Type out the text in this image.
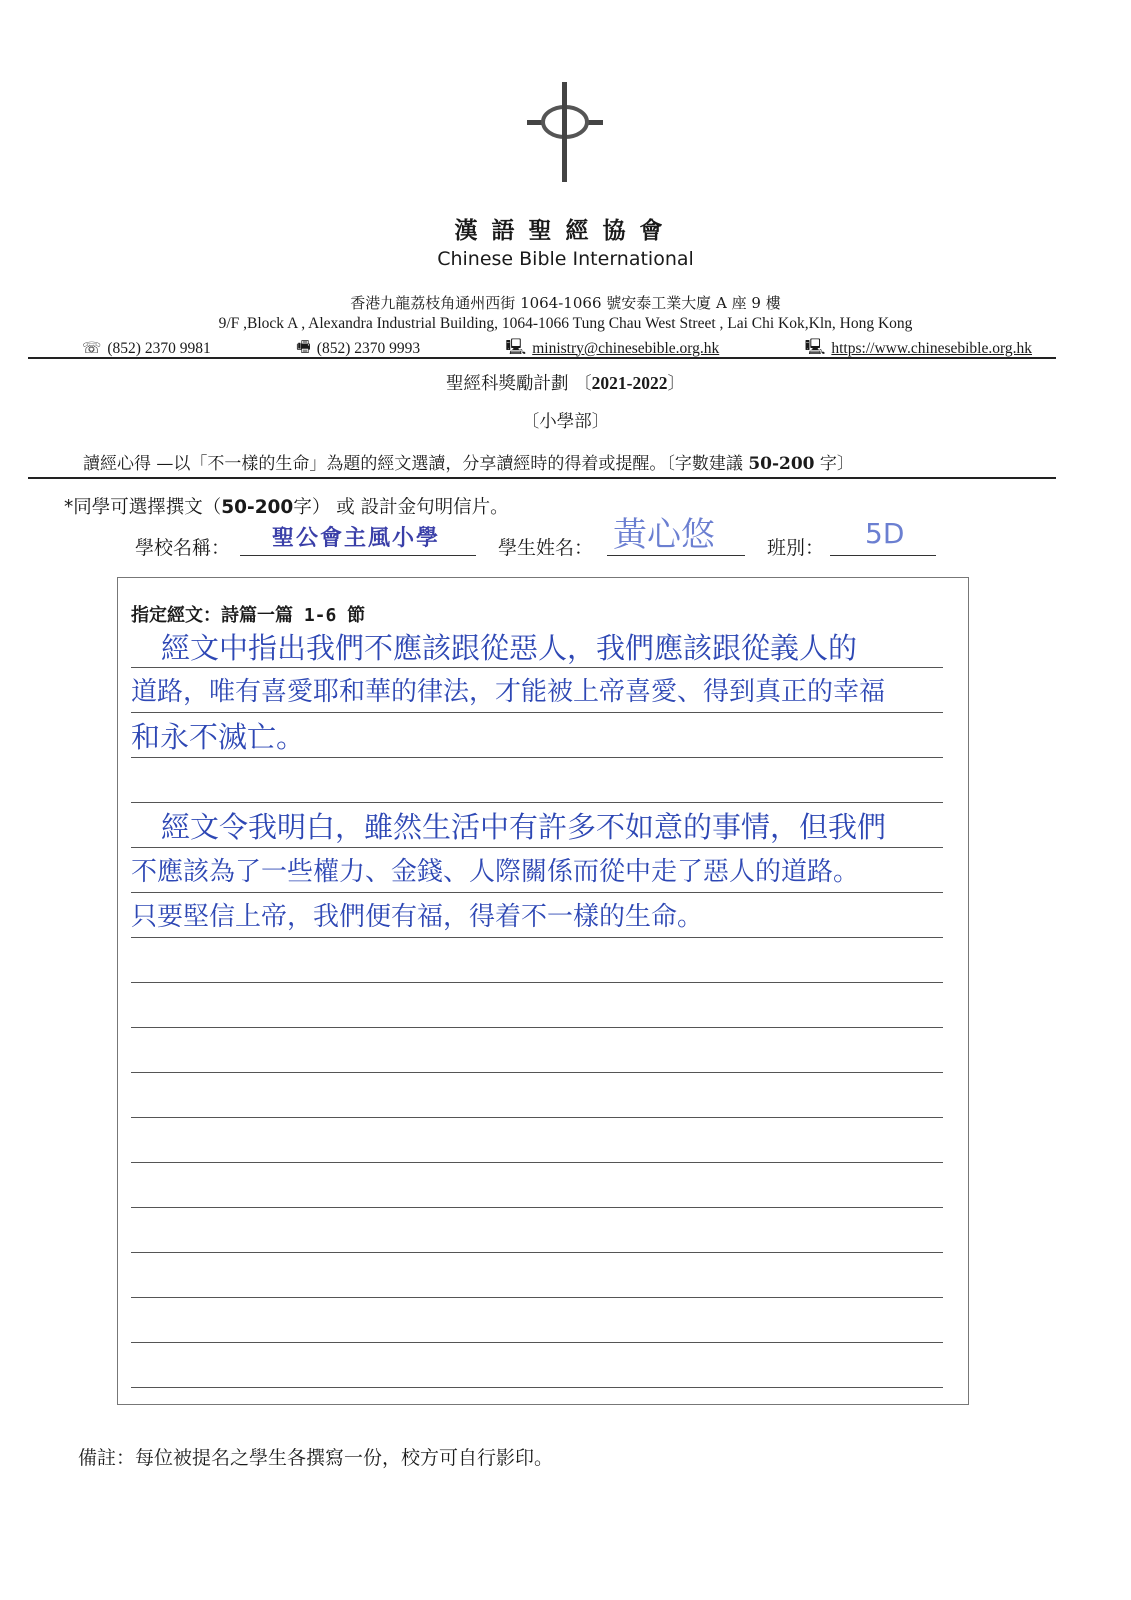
漢語聖經協會
Chinese Bible International
香港九龍荔枝角通州西街 1064-1066 號安泰工業大廈 A 座 9 樓
9/F ,Block A , Alexandra Industrial Building, 1064-1066 Tung Chau West Street , Lai Chi Kok,Kln, Hong Kong
☏ (852) 2370 9981	🖷 (852) 2370 9993	🖳 ministry@chinesebible.org.hk	🖳 https://www.chinesebible.org.hk
聖經科獎勵計劃 〔2021-2022〕
〔小學部〕
讀經心得 —以「不一樣的生命」為題的經文選讀，分享讀經時的得着或提醒。〔字數建議 50-200 字〕
*同學可選擇撰文（50-200字） 或 設計金句明信片。
學校名稱： 聖公會主風小學	學生姓名： 黃心悠	班別： 5D
指定經文：詩篇一篇 1-6 節
經文中指出我們不應該跟從惡人，我們應該跟從義人的
道路，唯有喜愛耶和華的律法，才能被上帝喜愛、得到真正的幸福
和永不滅亡。
經文令我明白，雖然生活中有許多不如意的事情，但我們
不應該為了一些權力、金錢、人際關係而從中走了惡人的道路。
只要堅信上帝，我們便有福，得着不一樣的生命。
備註：每位被提名之學生各撰寫一份，校方可自行影印。
